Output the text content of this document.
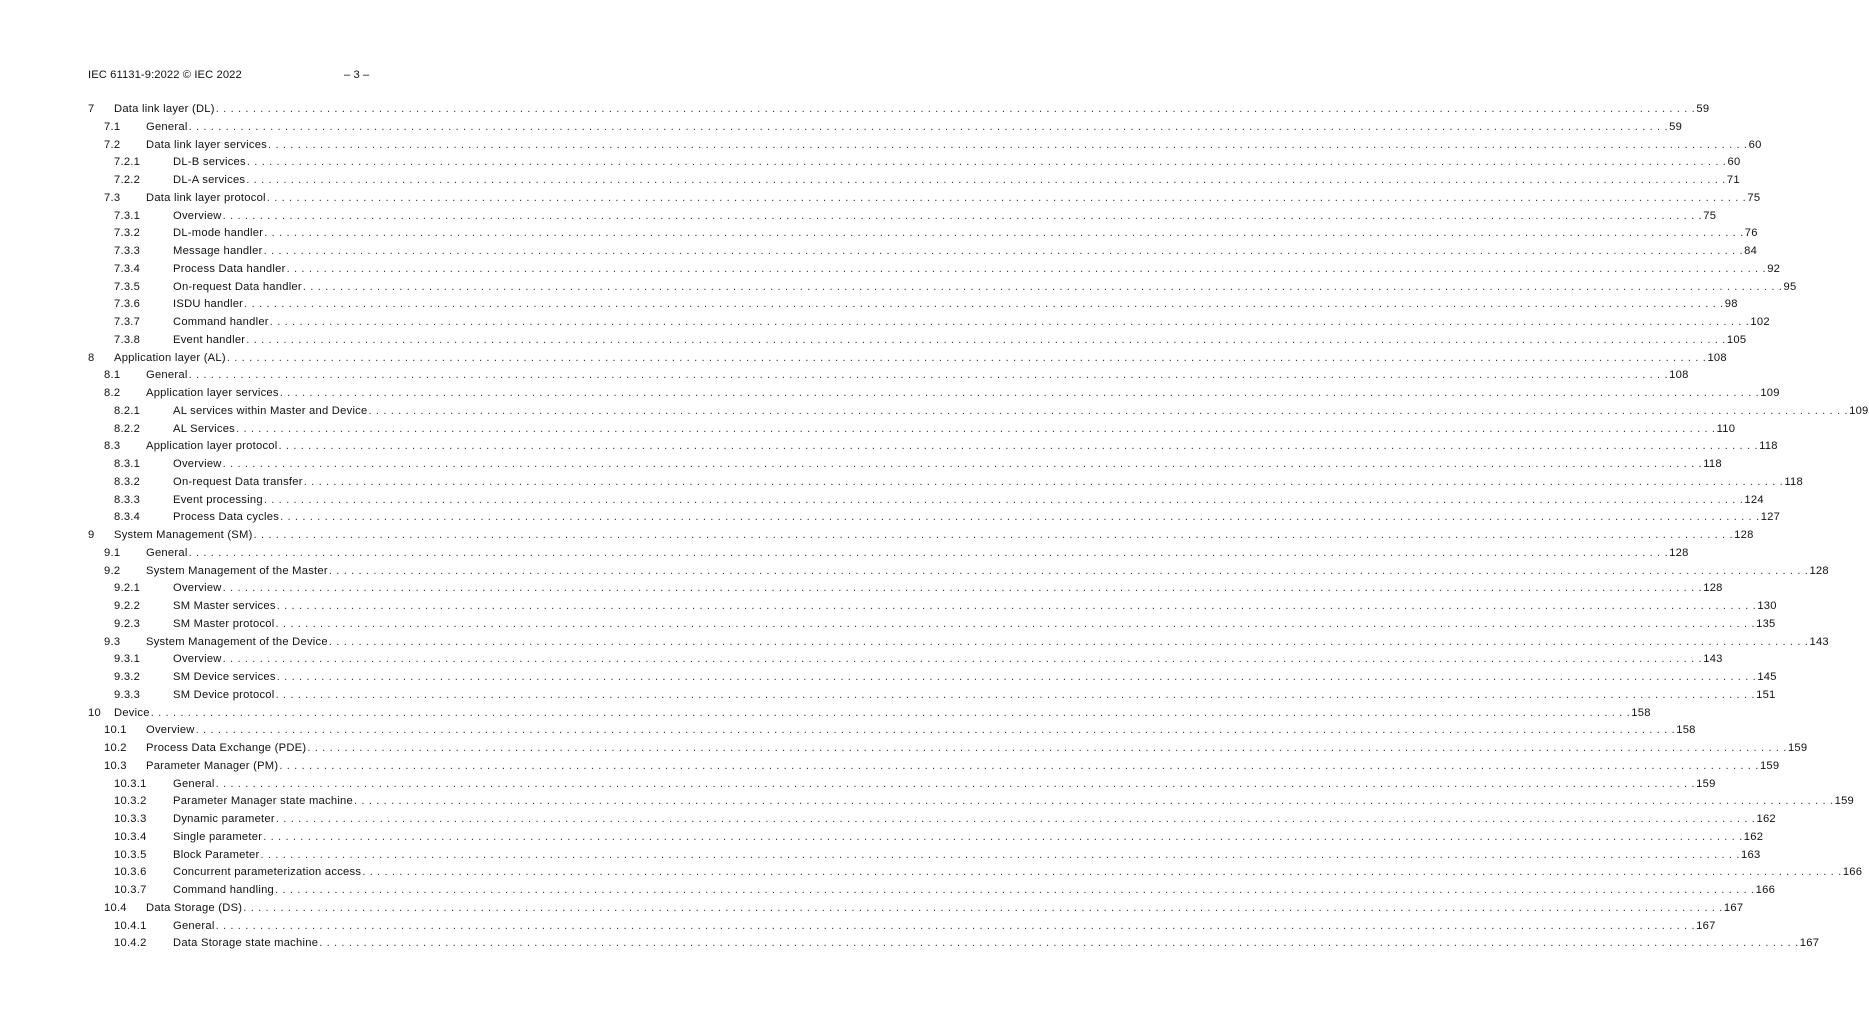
IEC 61131-9:2022 © IEC 2022	– 3 –
7 Data link layer (DL) . . . . . . . . . . . . . . . . . . . . . . . . . . . . . . . . . . . . . . . . . . . . . . . . . . . . . . . . . . . . . . . . . . . . . . . . . . . . . . . . . . . . . . . . . . . . . . . . . . . . . . . . . . . . . . . . . . . . . . . . . . . . . . . . . . . . . . . . . . . . . . . . . . . . . . . . . . . . . . . . . . . . . . . . . . . . . . . . . . . . . . . . . . . . . . . . . . . . . . . . 59
7.1 General . . . . . . . . . . . . . . . . . . . . . . . . . . . . . . . . . . . . . . . . . . . . . . . . . . . . . . . . . . . . . . . . . . . . . . . . . . . . . . . . . . . . . . . . . . . . . . . . . . . . . . . . . . . . . . . . . . . . . . . . . . . . . . . . . . . . . . . . . . . . . . . . . . . . . . . . . . . . . . . . . . . . . . . . . . . . . . . . . . . . . . . . . . . . . . . . . . . . . . . . 59
7.2 Data link layer services . . . . . . . . . . . . . . . . . . . . . . . . . . . . . . . . . . . . . . . . . . . . . . . . . . . . . . . . . . . . . . . . . . . . . . . . . . . . . . . . . . . . . . . . . . . . . . . . . . . . . . . . . . . . . . . . . . . . . . . . . . . . . . . . . . . . . . . . . . . . . . . . . . . . . . . . . . . . . . . . . . . . . . . . . . . . . . . . . . . . . . . . . . . . . . . . . . . . . . . . 60
7.2.1	DL-B services . . . . . . . . . . . . . . . . . . . . . . . . . . . . . . . . . . . . . . . . . . . . . . . . . . . . . . . . . . . . . . . . . . . . . . . . . . . . . . . . . . . . . . . . . . . . . . . . . . . . . . . . . . . . . . . . . . . . . . . . . . . . . . . . . . . . . . . . . . . . . . . . . . . . . . . . . . . . . . . . . . . . . . . . . . . . . . . . . . . . . . . . . . . . . . . . . . . . . . . . 60
7.2.2	DL-A services . . . . . . . . . . . . . . . . . . . . . . . . . . . . . . . . . . . . . . . . . . . . . . . . . . . . . . . . . . . . . . . . . . . . . . . . . . . . . . . . . . . . . . . . . . . . . . . . . . . . . . . . . . . . . . . . . . . . . . . . . . . . . . . . . . . . . . . . . . . . . . . . . . . . . . . . . . . . . . . . . . . . . . . . . . . . . . . . . . . . . . . . . . . . . . . . . . . . . . . . 71
7.3 Data link layer protocol . . . . . . . . . . . . . . . . . . . . . . . . . . . . . . . . . . . . . . . . . . . . . . . . . . . . . . . . . . . . . . . . . . . . . . . . . . . . . . . . . . . . . . . . . . . . . . . . . . . . . . . . . . . . . . . . . . . . . . . . . . . . . . . . . . . . . . . . . . . . . . . . . . . . . . . . . . . . . . . . . . . . . . . . . . . . . . . . . . . . . . . . . . . . . . . . . . . . . . . . 75
7.3.1	Overview . . . . . . . . . . . . . . . . . . . . . . . . . . . . . . . . . . . . . . . . . . . . . . . . . . . . . . . . . . . . . . . . . . . . . . . . . . . . . . . . . . . . . . . . . . . . . . . . . . . . . . . . . . . . . . . . . . . . . . . . . . . . . . . . . . . . . . . . . . . . . . . . . . . . . . . . . . . . . . . . . . . . . . . . . . . . . . . . . . . . . . . . . . . . . . . . . . . . . . . . 75
7.3.2	DL-mode handler . . . . . . . . . . . . . . . . . . . . . . . . . . . . . . . . . . . . . . . . . . . . . . . . . . . . . . . . . . . . . . . . . . . . . . . . . . . . . . . . . . . . . . . . . . . . . . . . . . . . . . . . . . . . . . . . . . . . . . . . . . . . . . . . . . . . . . . . . . . . . . . . . . . . . . . . . . . . . . . . . . . . . . . . . . . . . . . . . . . . . . . . . . . . . . . . . . . . . . . . 76
7.3.3	Message handler . . . . . . . . . . . . . . . . . . . . . . . . . . . . . . . . . . . . . . . . . . . . . . . . . . . . . . . . . . . . . . . . . . . . . . . . . . . . . . . . . . . . . . . . . . . . . . . . . . . . . . . . . . . . . . . . . . . . . . . . . . . . . . . . . . . . . . . . . . . . . . . . . . . . . . . . . . . . . . . . . . . . . . . . . . . . . . . . . . . . . . . . . . . . . . . . . . . . . . . . 84
7.3.4	Process Data handler . . . . . . . . . . . . . . . . . . . . . . . . . . . . . . . . . . . . . . . . . . . . . . . . . . . . . . . . . . . . . . . . . . . . . . . . . . . . . . . . . . . . . . . . . . . . . . . . . . . . . . . . . . . . . . . . . . . . . . . . . . . . . . . . . . . . . . . . . . . . . . . . . . . . . . . . . . . . . . . . . . . . . . . . . . . . . . . . . . . . . . . . . . . . . . . . . . . . . . . . 92
7.3.5	On-request Data handler . . . . . . . . . . . . . . . . . . . . . . . . . . . . . . . . . . . . . . . . . . . . . . . . . . . . . . . . . . . . . . . . . . . . . . . . . . . . . . . . . . . . . . . . . . . . . . . . . . . . . . . . . . . . . . . . . . . . . . . . . . . . . . . . . . . . . . . . . . . . . . . . . . . . . . . . . . . . . . . . . . . . . . . . . . . . . . . . . . . . . . . . . . . . . . . . . . . . . . . . 95
7.3.6	ISDU handler . . . . . . . . . . . . . . . . . . . . . . . . . . . . . . . . . . . . . . . . . . . . . . . . . . . . . . . . . . . . . . . . . . . . . . . . . . . . . . . . . . . . . . . . . . . . . . . . . . . . . . . . . . . . . . . . . . . . . . . . . . . . . . . . . . . . . . . . . . . . . . . . . . . . . . . . . . . . . . . . . . . . . . . . . . . . . . . . . . . . . . . . . . . . . . . . . . . . . . . . 98
7.3.7	Command handler . . . . . . . . . . . . . . . . . . . . . . . . . . . . . . . . . . . . . . . . . . . . . . . . . . . . . . . . . . . . . . . . . . . . . . . . . . . . . . . . . . . . . . . . . . . . . . . . . . . . . . . . . . . . . . . . . . . . . . . . . . . . . . . . . . . . . . . . . . . . . . . . . . . . . . . . . . . . . . . . . . . . . . . . . . . . . . . . . . . . . . . . . . . . . . . . . . . . . . . . 102
7.3.8	Event handler . . . . . . . . . . . . . . . . . . . . . . . . . . . . . . . . . . . . . . . . . . . . . . . . . . . . . . . . . . . . . . . . . . . . . . . . . . . . . . . . . . . . . . . . . . . . . . . . . . . . . . . . . . . . . . . . . . . . . . . . . . . . . . . . . . . . . . . . . . . . . . . . . . . . . . . . . . . . . . . . . . . . . . . . . . . . . . . . . . . . . . . . . . . . . . . . . . . . . . . . 105
8 Application layer (AL) . . . . . . . . . . . . . . . . . . . . . . . . . . . . . . . . . . . . . . . . . . . . . . . . . . . . . . . . . . . . . . . . . . . . . . . . . . . . . . . . . . . . . . . . . . . . . . . . . . . . . . . . . . . . . . . . . . . . . . . . . . . . . . . . . . . . . . . . . . . . . . . . . . . . . . . . . . . . . . . . . . . . . . . . . . . . . . . . . . . . . . . . . . . . . . . . . . . . . . . . 108
8.1 General . . . . . . . . . . . . . . . . . . . . . . . . . . . . . . . . . . . . . . . . . . . . . . . . . . . . . . . . . . . . . . . . . . . . . . . . . . . . . . . . . . . . . . . . . . . . . . . . . . . . . . . . . . . . . . . . . . . . . . . . . . . . . . . . . . . . . . . . . . . . . . . . . . . . . . . . . . . . . . . . . . . . . . . . . . . . . . . . . . . . . . . . . . . . . . . . . . . . . . . . 108
8.2 Application layer services . . . . . . . . . . . . . . . . . . . . . . . . . . . . . . . . . . . . . . . . . . . . . . . . . . . . . . . . . . . . . . . . . . . . . . . . . . . . . . . . . . . . . . . . . . . . . . . . . . . . . . . . . . . . . . . . . . . . . . . . . . . . . . . . . . . . . . . . . . . . . . . . . . . . . . . . . . . . . . . . . . . . . . . . . . . . . . . . . . . . . . . . . . . . . . . . . . . . . . . . 109
8.2.1	AL services within Master and Device . . . . . . . . . . . . . . . . . . . . . . . . . . . . . . . . . . . . . . . . . . . . . . . . . . . . . . . . . . . . . . . . . . . . . . . . . . . . . . . . . . . . . . . . . . . . . . . . . . . . . . . . . . . . . . . . . . . . . . . . . . . . . . . . . . . . . . . . . . . . . . . . . . . . . . . . . . . . . . . . . . . . . . . . . . . . . . . . . . . . . . . . . . . . . . . . . . . . . . . . 109
8.2.2	AL Services . . . . . . . . . . . . . . . . . . . . . . . . . . . . . . . . . . . . . . . . . . . . . . . . . . . . . . . . . . . . . . . . . . . . . . . . . . . . . . . . . . . . . . . . . . . . . . . . . . . . . . . . . . . . . . . . . . . . . . . . . . . . . . . . . . . . . . . . . . . . . . . . . . . . . . . . . . . . . . . . . . . . . . . . . . . . . . . . . . . . . . . . . . . . . . . . . . . . . . . . 110
8.3 Application layer protocol . . . . . . . . . . . . . . . . . . . . . . . . . . . . . . . . . . . . . . . . . . . . . . . . . . . . . . . . . . . . . . . . . . . . . . . . . . . . . . . . . . . . . . . . . . . . . . . . . . . . . . . . . . . . . . . . . . . . . . . . . . . . . . . . . . . . . . . . . . . . . . . . . . . . . . . . . . . . . . . . . . . . . . . . . . . . . . . . . . . . . . . . . . . . . . . . . . . . . . . . 118
8.3.1	Overview . . . . . . . . . . . . . . . . . . . . . . . . . . . . . . . . . . . . . . . . . . . . . . . . . . . . . . . . . . . . . . . . . . . . . . . . . . . . . . . . . . . . . . . . . . . . . . . . . . . . . . . . . . . . . . . . . . . . . . . . . . . . . . . . . . . . . . . . . . . . . . . . . . . . . . . . . . . . . . . . . . . . . . . . . . . . . . . . . . . . . . . . . . . . . . . . . . . . . . . . 118
8.3.2	On-request Data transfer . . . . . . . . . . . . . . . . . . . . . . . . . . . . . . . . . . . . . . . . . . . . . . . . . . . . . . . . . . . . . . . . . . . . . . . . . . . . . . . . . . . . . . . . . . . . . . . . . . . . . . . . . . . . . . . . . . . . . . . . . . . . . . . . . . . . . . . . . . . . . . . . . . . . . . . . . . . . . . . . . . . . . . . . . . . . . . . . . . . . . . . . . . . . . . . . . . . . . . . . 118
8.3.3	Event processing . . . . . . . . . . . . . . . . . . . . . . . . . . . . . . . . . . . . . . . . . . . . . . . . . . . . . . . . . . . . . . . . . . . . . . . . . . . . . . . . . . . . . . . . . . . . . . . . . . . . . . . . . . . . . . . . . . . . . . . . . . . . . . . . . . . . . . . . . . . . . . . . . . . . . . . . . . . . . . . . . . . . . . . . . . . . . . . . . . . . . . . . . . . . . . . . . . . . . . . . 124
8.3.4	Process Data cycles . . . . . . . . . . . . . . . . . . . . . . . . . . . . . . . . . . . . . . . . . . . . . . . . . . . . . . . . . . . . . . . . . . . . . . . . . . . . . . . . . . . . . . . . . . . . . . . . . . . . . . . . . . . . . . . . . . . . . . . . . . . . . . . . . . . . . . . . . . . . . . . . . . . . . . . . . . . . . . . . . . . . . . . . . . . . . . . . . . . . . . . . . . . . . . . . . . . . . . . . 127
9 System Management (SM) . . . . . . . . . . . . . . . . . . . . . . . . . . . . . . . . . . . . . . . . . . . . . . . . . . . . . . . . . . . . . . . . . . . . . . . . . . . . . . . . . . . . . . . . . . . . . . . . . . . . . . . . . . . . . . . . . . . . . . . . . . . . . . . . . . . . . . . . . . . . . . . . . . . . . . . . . . . . . . . . . . . . . . . . . . . . . . . . . . . . . . . . . . . . . . . . . . . . . . . . 128
9.1 General . . . . . . . . . . . . . . . . . . . . . . . . . . . . . . . . . . . . . . . . . . . . . . . . . . . . . . . . . . . . . . . . . . . . . . . . . . . . . . . . . . . . . . . . . . . . . . . . . . . . . . . . . . . . . . . . . . . . . . . . . . . . . . . . . . . . . . . . . . . . . . . . . . . . . . . . . . . . . . . . . . . . . . . . . . . . . . . . . . . . . . . . . . . . . . . . . . . . . . . . 128
9.2 System Management of the Master . . . . . . . . . . . . . . . . . . . . . . . . . . . . . . . . . . . . . . . . . . . . . . . . . . . . . . . . . . . . . . . . . . . . . . . . . . . . . . . . . . . . . . . . . . . . . . . . . . . . . . . . . . . . . . . . . . . . . . . . . . . . . . . . . . . . . . . . . . . . . . . . . . . . . . . . . . . . . . . . . . . . . . . . . . . . . . . . . . . . . . . . . . . . . . . . . . . . . . . . 128
9.2.1	Overview . . . . . . . . . . . . . . . . . . . . . . . . . . . . . . . . . . . . . . . . . . . . . . . . . . . . . . . . . . . . . . . . . . . . . . . . . . . . . . . . . . . . . . . . . . . . . . . . . . . . . . . . . . . . . . . . . . . . . . . . . . . . . . . . . . . . . . . . . . . . . . . . . . . . . . . . . . . . . . . . . . . . . . . . . . . . . . . . . . . . . . . . . . . . . . . . . . . . . . . . 128
9.2.2	SM Master services . . . . . . . . . . . . . . . . . . . . . . . . . . . . . . . . . . . . . . . . . . . . . . . . . . . . . . . . . . . . . . . . . . . . . . . . . . . . . . . . . . . . . . . . . . . . . . . . . . . . . . . . . . . . . . . . . . . . . . . . . . . . . . . . . . . . . . . . . . . . . . . . . . . . . . . . . . . . . . . . . . . . . . . . . . . . . . . . . . . . . . . . . . . . . . . . . . . . . . . . 130
9.2.3	SM Master protocol . . . . . . . . . . . . . . . . . . . . . . . . . . . . . . . . . . . . . . . . . . . . . . . . . . . . . . . . . . . . . . . . . . . . . . . . . . . . . . . . . . . . . . . . . . . . . . . . . . . . . . . . . . . . . . . . . . . . . . . . . . . . . . . . . . . . . . . . . . . . . . . . . . . . . . . . . . . . . . . . . . . . . . . . . . . . . . . . . . . . . . . . . . . . . . . . . . . . . . . . 135
9.3 System Management of the Device . . . . . . . . . . . . . . . . . . . . . . . . . . . . . . . . . . . . . . . . . . . . . . . . . . . . . . . . . . . . . . . . . . . . . . . . . . . . . . . . . . . . . . . . . . . . . . . . . . . . . . . . . . . . . . . . . . . . . . . . . . . . . . . . . . . . . . . . . . . . . . . . . . . . . . . . . . . . . . . . . . . . . . . . . . . . . . . . . . . . . . . . . . . . . . . . . . . . . . . . 143
9.3.1	Overview . . . . . . . . . . . . . . . . . . . . . . . . . . . . . . . . . . . . . . . . . . . . . . . . . . . . . . . . . . . . . . . . . . . . . . . . . . . . . . . . . . . . . . . . . . . . . . . . . . . . . . . . . . . . . . . . . . . . . . . . . . . . . . . . . . . . . . . . . . . . . . . . . . . . . . . . . . . . . . . . . . . . . . . . . . . . . . . . . . . . . . . . . . . . . . . . . . . . . . . . 143
9.3.2	SM Device services . . . . . . . . . . . . . . . . . . . . . . . . . . . . . . . . . . . . . . . . . . . . . . . . . . . . . . . . . . . . . . . . . . . . . . . . . . . . . . . . . . . . . . . . . . . . . . . . . . . . . . . . . . . . . . . . . . . . . . . . . . . . . . . . . . . . . . . . . . . . . . . . . . . . . . . . . . . . . . . . . . . . . . . . . . . . . . . . . . . . . . . . . . . . . . . . . . . . . . . . 145
9.3.3	SM Device protocol . . . . . . . . . . . . . . . . . . . . . . . . . . . . . . . . . . . . . . . . . . . . . . . . . . . . . . . . . . . . . . . . . . . . . . . . . . . . . . . . . . . . . . . . . . . . . . . . . . . . . . . . . . . . . . . . . . . . . . . . . . . . . . . . . . . . . . . . . . . . . . . . . . . . . . . . . . . . . . . . . . . . . . . . . . . . . . . . . . . . . . . . . . . . . . . . . . . . . . . . 151
10 Device . . . . . . . . . . . . . . . . . . . . . . . . . . . . . . . . . . . . . . . . . . . . . . . . . . . . . . . . . . . . . . . . . . . . . . . . . . . . . . . . . . . . . . . . . . . . . . . . . . . . . . . . . . . . . . . . . . . . . . . . . . . . . . . . . . . . . . . . . . . . . . . . . . . . . . . . . . . . . . . . . . . . . . . . . . . . . . . . . . . . . . . . . . . . . . . . . . . . . . . . 158
10.1 Overview . . . . . . . . . . . . . . . . . . . . . . . . . . . . . . . . . . . . . . . . . . . . . . . . . . . . . . . . . . . . . . . . . . . . . . . . . . . . . . . . . . . . . . . . . . . . . . . . . . . . . . . . . . . . . . . . . . . . . . . . . . . . . . . . . . . . . . . . . . . . . . . . . . . . . . . . . . . . . . . . . . . . . . . . . . . . . . . . . . . . . . . . . . . . . . . . . . . . . . . . 158
10.2 Process Data Exchange (PDE) . . . . . . . . . . . . . . . . . . . . . . . . . . . . . . . . . . . . . . . . . . . . . . . . . . . . . . . . . . . . . . . . . . . . . . . . . . . . . . . . . . . . . . . . . . . . . . . . . . . . . . . . . . . . . . . . . . . . . . . . . . . . . . . . . . . . . . . . . . . . . . . . . . . . . . . . . . . . . . . . . . . . . . . . . . . . . . . . . . . . . . . . . . . . . . . . . . . . . . . . 159
10.3 Parameter Manager (PM) . . . . . . . . . . . . . . . . . . . . . . . . . . . . . . . . . . . . . . . . . . . . . . . . . . . . . . . . . . . . . . . . . . . . . . . . . . . . . . . . . . . . . . . . . . . . . . . . . . . . . . . . . . . . . . . . . . . . . . . . . . . . . . . . . . . . . . . . . . . . . . . . . . . . . . . . . . . . . . . . . . . . . . . . . . . . . . . . . . . . . . . . . . . . . . . . . . . . . . . . 159
10.3.1 General . . . . . . . . . . . . . . . . . . . . . . . . . . . . . . . . . . . . . . . . . . . . . . . . . . . . . . . . . . . . . . . . . . . . . . . . . . . . . . . . . . . . . . . . . . . . . . . . . . . . . . . . . . . . . . . . . . . . . . . . . . . . . . . . . . . . . . . . . . . . . . . . . . . . . . . . . . . . . . . . . . . . . . . . . . . . . . . . . . . . . . . . . . . . . . . . . . . . . . . . 159
10.3.2 Parameter Manager state machine . . . . . . . . . . . . . . . . . . . . . . . . . . . . . . . . . . . . . . . . . . . . . . . . . . . . . . . . . . . . . . . . . . . . . . . . . . . . . . . . . . . . . . . . . . . . . . . . . . . . . . . . . . . . . . . . . . . . . . . . . . . . . . . . . . . . . . . . . . . . . . . . . . . . . . . . . . . . . . . . . . . . . . . . . . . . . . . . . . . . . . . . . . . . . . . . . . . . . . . . 159
10.3.3 Dynamic parameter . . . . . . . . . . . . . . . . . . . . . . . . . . . . . . . . . . . . . . . . . . . . . . . . . . . . . . . . . . . . . . . . . . . . . . . . . . . . . . . . . . . . . . . . . . . . . . . . . . . . . . . . . . . . . . . . . . . . . . . . . . . . . . . . . . . . . . . . . . . . . . . . . . . . . . . . . . . . . . . . . . . . . . . . . . . . . . . . . . . . . . . . . . . . . . . . . . . . . . . . 162
10.3.4 Single parameter . . . . . . . . . . . . . . . . . . . . . . . . . . . . . . . . . . . . . . . . . . . . . . . . . . . . . . . . . . . . . . . . . . . . . . . . . . . . . . . . . . . . . . . . . . . . . . . . . . . . . . . . . . . . . . . . . . . . . . . . . . . . . . . . . . . . . . . . . . . . . . . . . . . . . . . . . . . . . . . . . . . . . . . . . . . . . . . . . . . . . . . . . . . . . . . . . . . . . . . . 162
10.3.5 Block Parameter . . . . . . . . . . . . . . . . . . . . . . . . . . . . . . . . . . . . . . . . . . . . . . . . . . . . . . . . . . . . . . . . . . . . . . . . . . . . . . . . . . . . . . . . . . . . . . . . . . . . . . . . . . . . . . . . . . . . . . . . . . . . . . . . . . . . . . . . . . . . . . . . . . . . . . . . . . . . . . . . . . . . . . . . . . . . . . . . . . . . . . . . . . . . . . . . . . . . . . . . 163
10.3.6 Concurrent parameterization access . . . . . . . . . . . . . . . . . . . . . . . . . . . . . . . . . . . . . . . . . . . . . . . . . . . . . . . . . . . . . . . . . . . . . . . . . . . . . . . . . . . . . . . . . . . . . . . . . . . . . . . . . . . . . . . . . . . . . . . . . . . . . . . . . . . . . . . . . . . . . . . . . . . . . . . . . . . . . . . . . . . . . . . . . . . . . . . . . . . . . . . . . . . . . . . . . . . . . . . . 166
10.3.7 Command handling . . . . . . . . . . . . . . . . . . . . . . . . . . . . . . . . . . . . . . . . . . . . . . . . . . . . . . . . . . . . . . . . . . . . . . . . . . . . . . . . . . . . . . . . . . . . . . . . . . . . . . . . . . . . . . . . . . . . . . . . . . . . . . . . . . . . . . . . . . . . . . . . . . . . . . . . . . . . . . . . . . . . . . . . . . . . . . . . . . . . . . . . . . . . . . . . . . . . . . . . 166
10.4 Data Storage (DS) . . . . . . . . . . . . . . . . . . . . . . . . . . . . . . . . . . . . . . . . . . . . . . . . . . . . . . . . . . . . . . . . . . . . . . . . . . . . . . . . . . . . . . . . . . . . . . . . . . . . . . . . . . . . . . . . . . . . . . . . . . . . . . . . . . . . . . . . . . . . . . . . . . . . . . . . . . . . . . . . . . . . . . . . . . . . . . . . . . . . . . . . . . . . . . . . . . . . . . . . 167
10.4.1 General . . . . . . . . . . . . . . . . . . . . . . . . . . . . . . . . . . . . . . . . . . . . . . . . . . . . . . . . . . . . . . . . . . . . . . . . . . . . . . . . . . . . . . . . . . . . . . . . . . . . . . . . . . . . . . . . . . . . . . . . . . . . . . . . . . . . . . . . . . . . . . . . . . . . . . . . . . . . . . . . . . . . . . . . . . . . . . . . . . . . . . . . . . . . . . . . . . . . . . . . 167
10.4.2 Data Storage state machine . . . . . . . . . . . . . . . . . . . . . . . . . . . . . . . . . . . . . . . . . . . . . . . . . . . . . . . . . . . . . . . . . . . . . . . . . . . . . . . . . . . . . . . . . . . . . . . . . . . . . . . . . . . . . . . . . . . . . . . . . . . . . . . . . . . . . . . . . . . . . . . . . . . . . . . . . . . . . . . . . . . . . . . . . . . . . . . . . . . . . . . . . . . . . . . . . . . . . . . . 167
